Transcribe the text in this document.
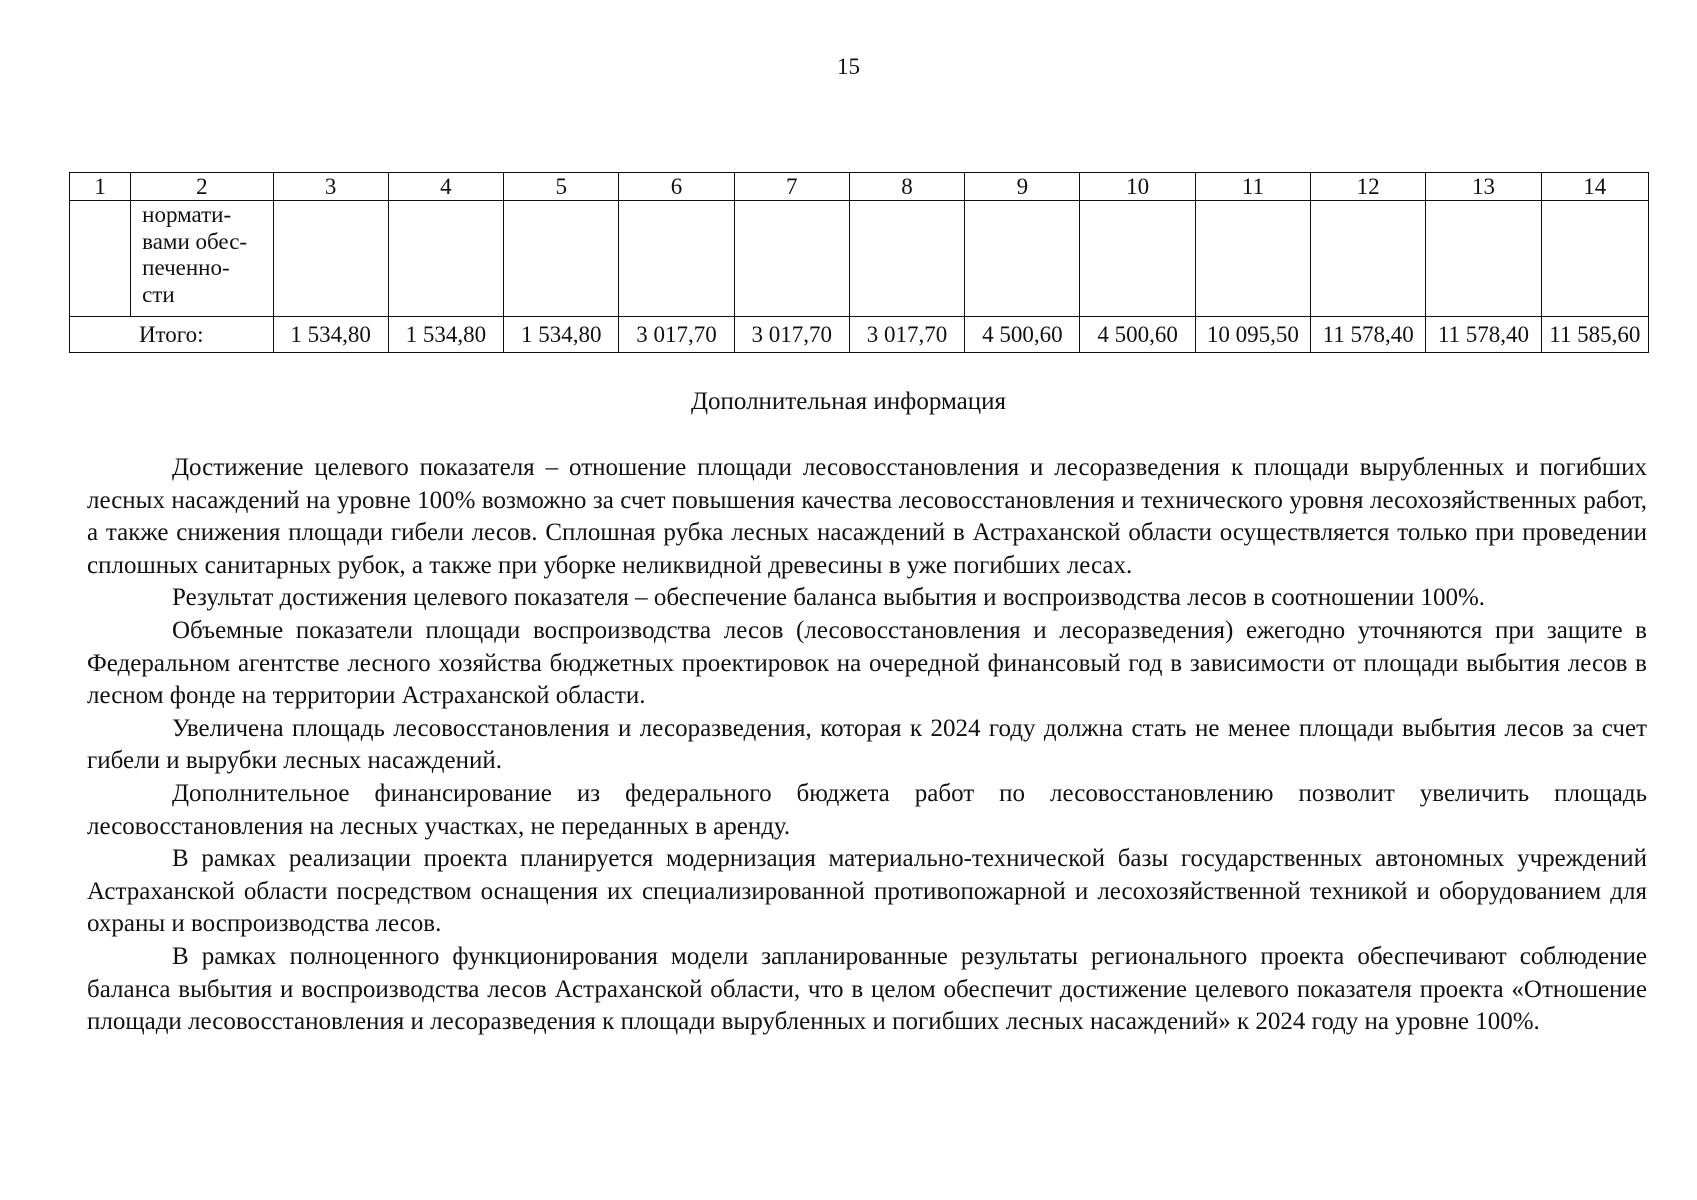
15
1	2	3	4	5	6	7	8	9	10	11	12	13	14

	нормати-
вами обес-
печенно-
сти												

Итого:		1 534,80	1 534,80	1 534,80	3 017,70	3 017,70	3 017,70	4 500,60	4 500,60	10 095,50	11 578,40	11 578,40	11 585,60
Дополнительная информация

Достижение целевого показателя – отношение площади лесовосстановления и лесоразведения к площади вырубленных и погибших лесных насаждений на уровне 100% возможно за счет повышения качества лесовосстановления и технического уровня лесохозяйственных работ, а также снижения площади гибели лесов. Сплошная рубка лесных насаждений в Астраханской области осуществляется только при проведении сплошных санитарных рубок, а также при уборке неликвидной древесины в уже погибших лесах.

Результат достижения целевого показателя – обеспечение баланса выбытия и воспроизводства лесов в соотношении 100%.

Объемные показатели площади воспроизводства лесов (лесовосстановления и лесоразведения) ежегодно уточняются при защите в Федеральном агентстве лесного хозяйства бюджетных проектировок на очередной финансовый год в зависимости от площади выбытия лесов в лесном фонде на территории Астраханской области.

Увеличена площадь лесовосстановления и лесоразведения, которая к 2024 году должна стать не менее площади выбытия лесов за счет гибели и вырубки лесных насаждений.

Дополнительное финансирование из федерального бюджета работ по лесовосстановлению позволит увеличить площадь лесовосстановления на лесных участках, не переданных в аренду.

В рамках реализации проекта планируется модернизация материально-технической базы государственных автономных учреждений Астраханской области посредством оснащения их специализированной противопожарной и лесохозяйственной техникой и оборудованием для охраны и воспроизводства лесов.

В рамках полноценного функционирования модели запланированные результаты регионального проекта обеспечивают соблюдение баланса выбытия и воспроизводства лесов Астраханской области, что в целом обеспечит достижение целевого показателя проекта «Отношение площади лесовосстановления и лесоразведения к площади вырубленных и погибших лесных насаждений» к 2024 году на уровне 100%.
